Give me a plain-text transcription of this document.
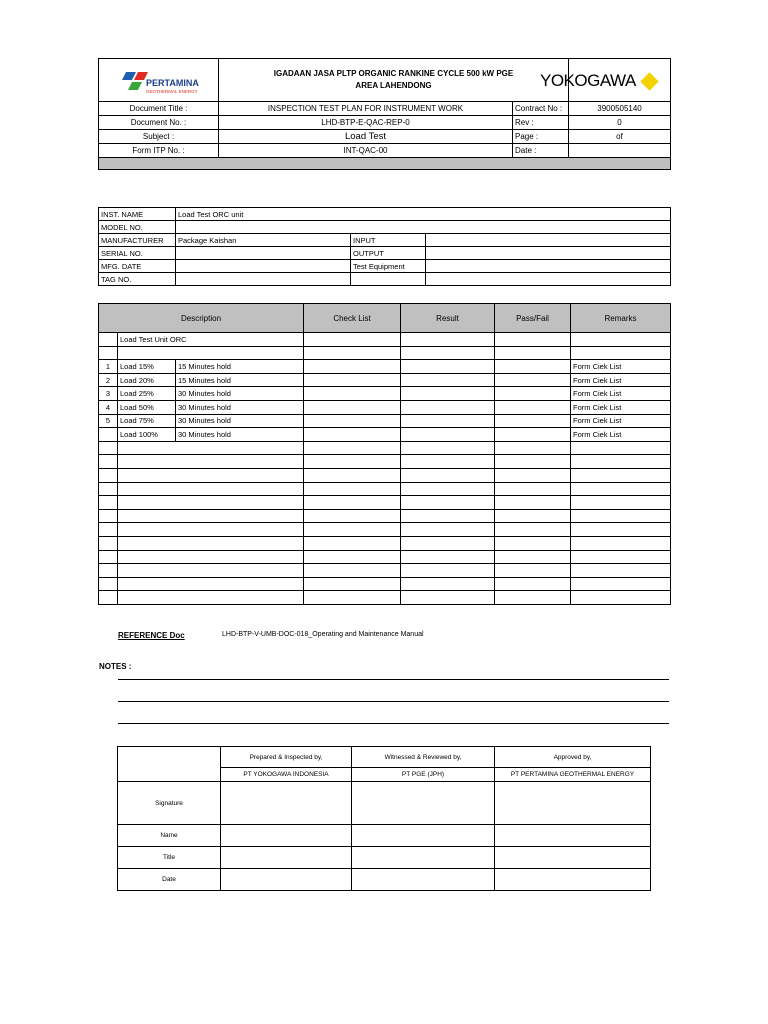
	IGADAAN JASA PLTP ORGANIC RANKINE CYCLE 500 kW PGE
AREA LAHENDONG		

Document Title :	INSPECTION TEST PLAN FOR INSTRUMENT WORK	Contract No :	3900505140
Document No. :	LHD-BTP-E-QAC-REP-0	Rev :	0
Subject :	Load Test	Page :	of
Form ITP No. :	INT-QAC-00	Date :	

PERTAMINA
GEOTHERMAL ENERGY
YOKOGAWA
INST. NAME	Load Test ORC unit		
MODEL NO.			
MANUFACTURER	Package Kaishan	INPUT	
SERIAL NO.		OUTPUT	
MFG. DATE		Test Equipment	
TAG NO.			
Description			Check List	Result	Pass/Fail	Remarks
	Load Test Unit ORC					

1	Load 15%	15 Minutes hold				Form Ciek List
2	Load 20%	15 Minutes hold				Form Ciek List
3	Load 25%	30 Minutes hold				Form Ciek List
4	Load 50%	30 Minutes hold				Form Ciek List
5	Load 75%	30 Minutes hold				Form Ciek List
	Load 100%	30 Minutes hold				Form Ciek List

REFERENCE Doc	LHD-BTP-V-UMB-DOC-018_Operating and Maintenance Manual
NOTES :
	Prepared & Inspected by,	Witnessed & Reviewed by,	Approved by,
	PT YOKOGAWA INDONESIA	PT PGE (JPH)	PT PERTAMINA GEOTHERMAL ENERGY
Signature			
Name			
Title			
Date			
